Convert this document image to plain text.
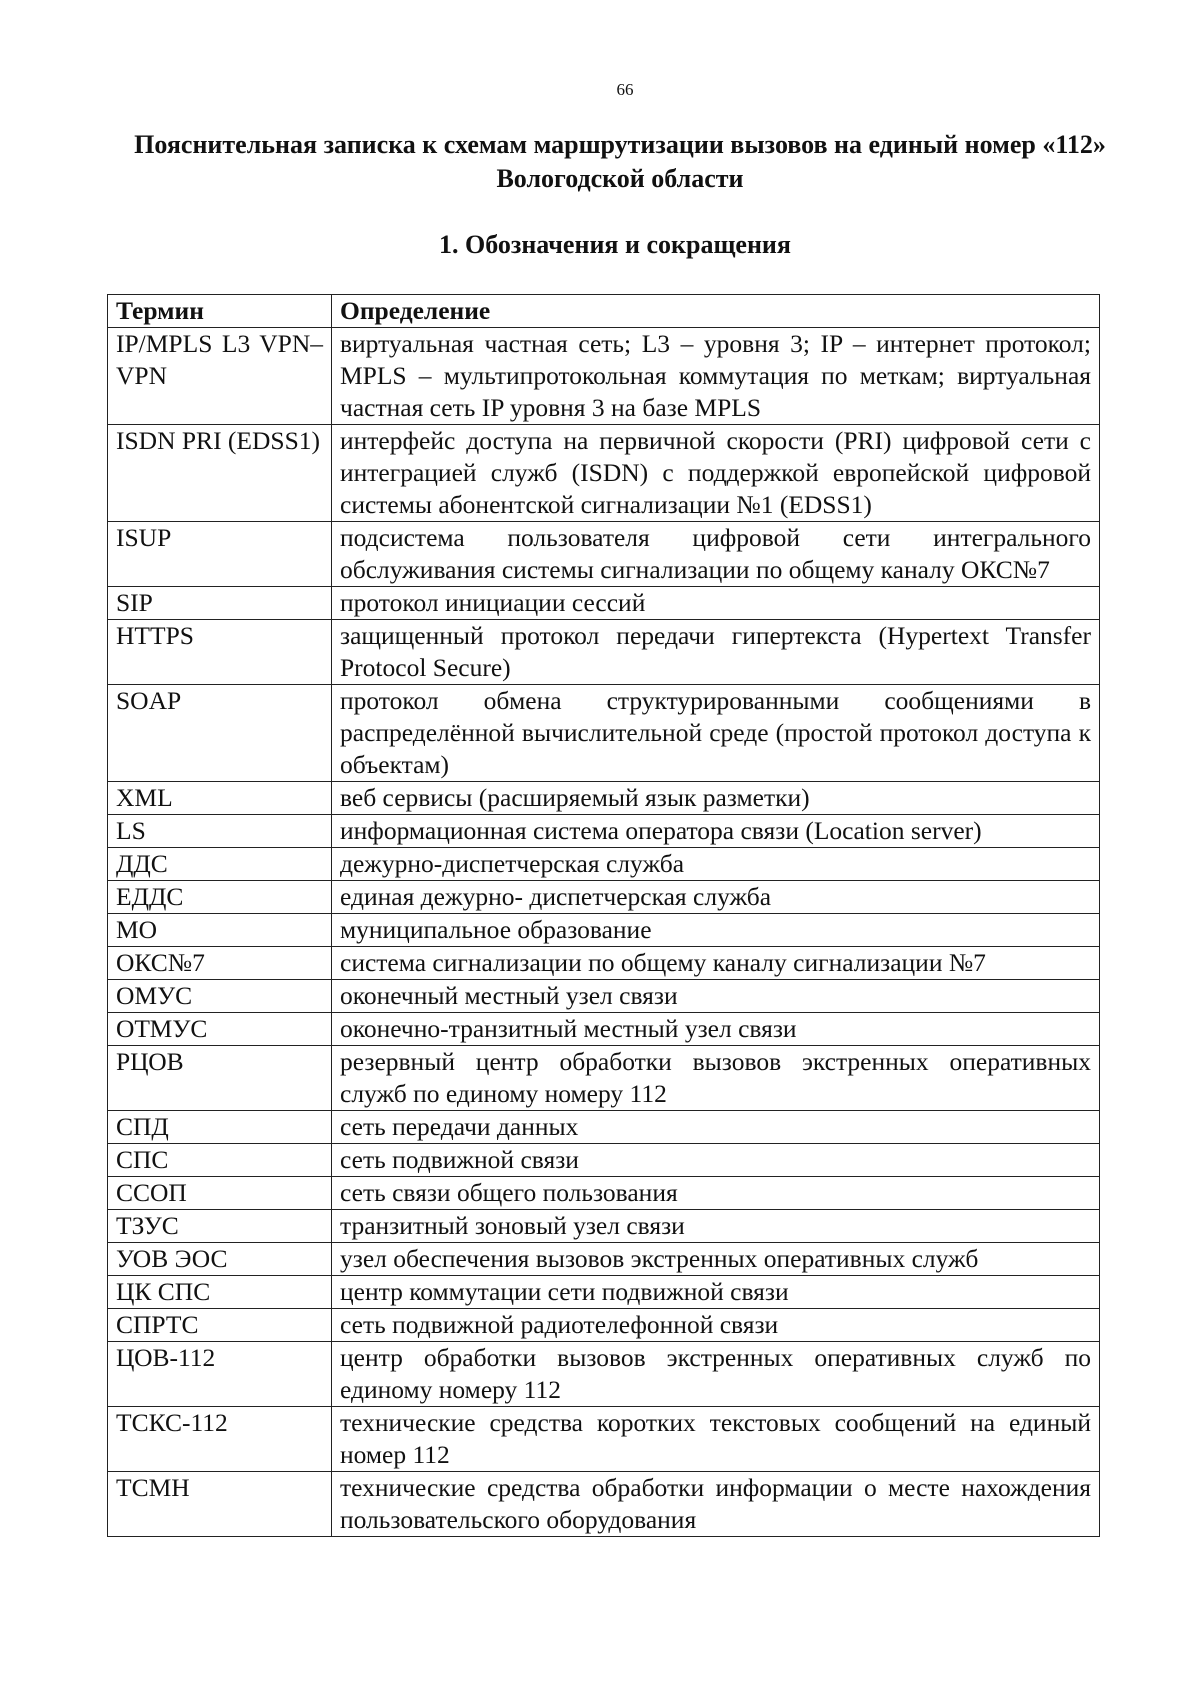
66
Пояснительная записка к схемам маршрутизации вызовов на единый номер «112» Вологодской области
1. Обозначения и сокращения
Термин	Определение
IP/MPLS L3 VPN– VPN	виртуальная частная сеть; L3 – уровня 3; IP – интернет протокол; MPLS – мультипротокольная коммутация по меткам; виртуальная частная сеть IP уровня 3 на базе MPLS
ISDN PRI (EDSS1)	интерфейс доступа на первичной скорости (PRI) цифровой сети с интеграцией служб (ISDN) с поддержкой европейской цифровой системы абонентской сигнализации №1 (EDSS1)
ISUP	подсистема пользователя цифровой сети интегрального обслуживания системы сигнализации по общему каналу ОКС№7
SIP	протокол инициации сессий
HTTPS	защищенный протокол передачи гипертекста (Hypertext Transfer Protocol Secure)
SOAP	протокол обмена структурированными сообщениями в распределённой вычислительной среде (простой протокол доступа к объектам)
XML	веб сервисы (расширяемый язык разметки)
LS	информационная система оператора связи (Location server)
ДДС	дежурно-диспетчерская служба
ЕДДС	единая дежурно- диспетчерская служба
МО	муниципальное образование
ОКС№7	система сигнализации по общему каналу сигнализации №7
ОМУС	оконечный местный узел связи
ОТМУС	оконечно-транзитный местный узел связи
РЦОВ	резервный центр обработки вызовов экстренных оперативных служб по единому номеру 112
СПД	сеть передачи данных
СПС	сеть подвижной связи
ССОП	сеть связи общего пользования
ТЗУС	транзитный зоновый узел связи
УОВ ЭОС	узел обеспечения вызовов экстренных оперативных служб
ЦК СПС	центр коммутации сети подвижной связи
СПРТС	сеть подвижной радиотелефонной связи
ЦОВ-112	центр обработки вызовов экстренных оперативных служб по единому номеру 112
ТСКС-112	технические средства коротких текстовых сообщений на единый номер 112
ТСМН	технические средства обработки информации о месте нахождения пользовательского оборудования
